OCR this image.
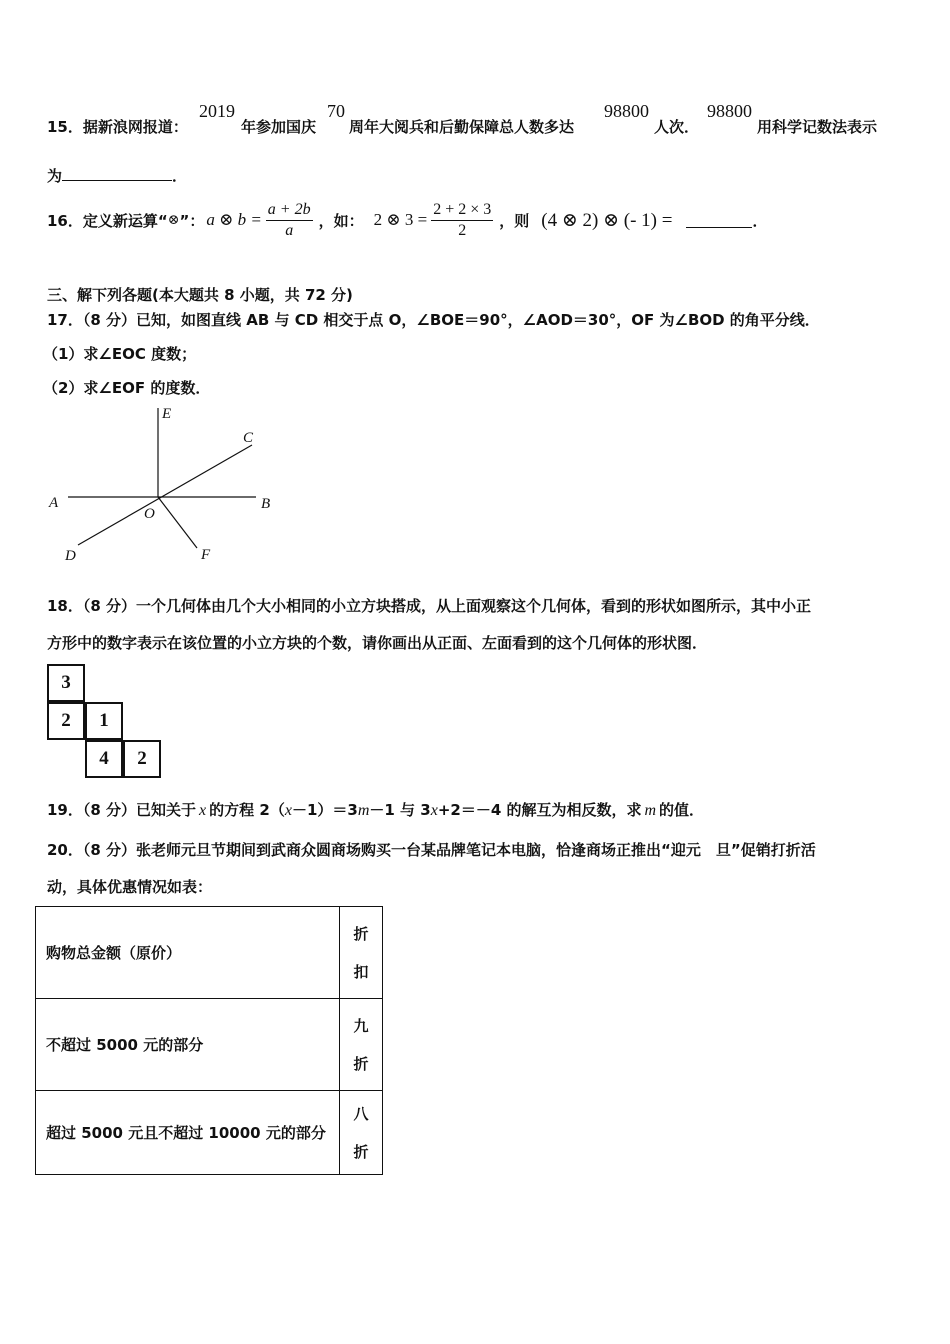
15．据新浪网报道：
2019
年参加国庆
70
周年大阅兵和后勤保障总人数多达
98800
人次．
98800
用科学记数法表示
为	．
16．定义新运算“ ⊗ ”： a ⊗ $b = \frac{a + 2b}{a}$ ，如： 2 ⊗ $3 = \frac{2 + 2 \times 3}{2}$ ，则 (4 ⊗ 2) ⊗ (- 1) =	．
三、解下列各题(本大题共 8 小题，共 72 分)
17．（8 分）已知，如图直线 AB 与 CD 相交于点 O，∠BOE＝90°，∠AOD＝30°，OF 为∠BOD 的角平分线．
（1）求∠EOC 度数；
（2）求∠EOF 的度数．
E
C
A	B
O
D	F
18．（8 分）一个几何体由几个大小相同的小立方块搭成，从上面观察这个几何体，看到的形状如图所示，其中小正
方形中的数字表示在该位置的小立方块的个数，请你画出从正面、左面看到的这个几何体的形状图．
3
2	1
4	2
19．（8 分）已知关于 x 的方程 2（x－1）＝3m－1 与 3x+2＝－4 的解互为相反数，求 m 的值．
20．（8 分）张老师元旦节期间到武商众圆商场购买一台某品牌笔记本电脑，恰逢商场正推出“迎元　旦”促销打折活
动，具体优惠情况如表：
购物总金额（原价）	折
扣

不超过 5000 元的部分	九
折

超过 5000 元且不超过 10000 元的部分	八
折
